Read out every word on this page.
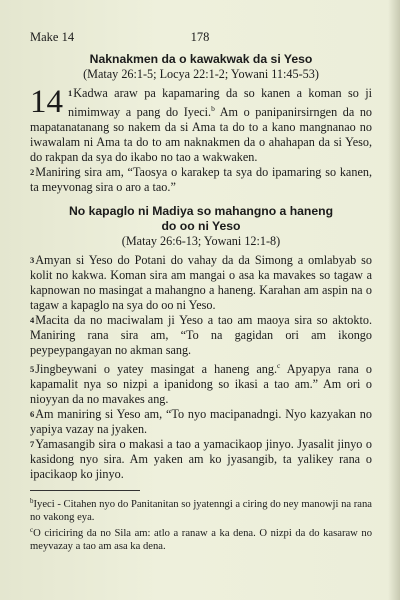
Make 14	178

Naknakmen da o kawakwak da si Yeso

(Matay 26:1-5; Locya 22:1-2; Yowani 11:45-53)

14 1Kadwa araw pa kapamaring da so kanen a koman so ji nimimway a pang do Iyeci.$^b$ Am o panipanirsirngen da no mapatanatanang so nakem da si Ama ta do to a kano mangnanao no iwawalam ni Ama ta do to am naknakmen da o ahahapan da si Yeso, do rakpan da sya do ikabo no tao a wakwaken.

2Maniring sira am, “Taosya o karakep ta sya do ipamaring so kanen, ta meyvonag sira o aro a tao.”

No kapaglo ni Madiya so mahangno a haneng

do oo ni Yeso

(Matay 26:6-13; Yowani 12:1-8)

3Amyan si Yeso do Potani do vahay da da Simong a omlabyab so kolit no kakwa. Koman sira am mangai o asa ka mavakes so tagaw a kapnowan no masingat a mahangno a haneng. Karahan am aspin na o tagaw a kapaglo na sya do oo ni Yeso.

4Macita da no maciwalam ji Yeso a tao am maoya sira so aktokto. Maniring rana sira am, “To na gagidan ori am ikongo peypeypangayan no akman sang.

5Jingbeywani o yatey masingat a haneng ang.$^c$ Apyapya rana o kapamalit nya so nizpi a ipanidong so ikasi a tao am.” Am ori o nioyyan da no mavakes ang.

6Am maniring si Yeso am, “To nyo macipanadngi. Nyo kazyakan no yapiya vazay na jyaken.

7Yamasangib sira o makasi a tao a yamacikaop jinyo. Jyasalit jinyo o kasidong nyo sira. Am yaken am ko jyasangib, ta yalikey rana o ipacikaop ko jinyo.

$^b$Iyeci - Citahen nyo do Panitanitan so jyatenngi a ciring do ney manowji na rana no vakong eya.

$^c$O ciriciring da no Sila am: atlo a ranaw a ka dena. O nizpi da do kasaraw no meyvazay a tao am asa ka dena.
